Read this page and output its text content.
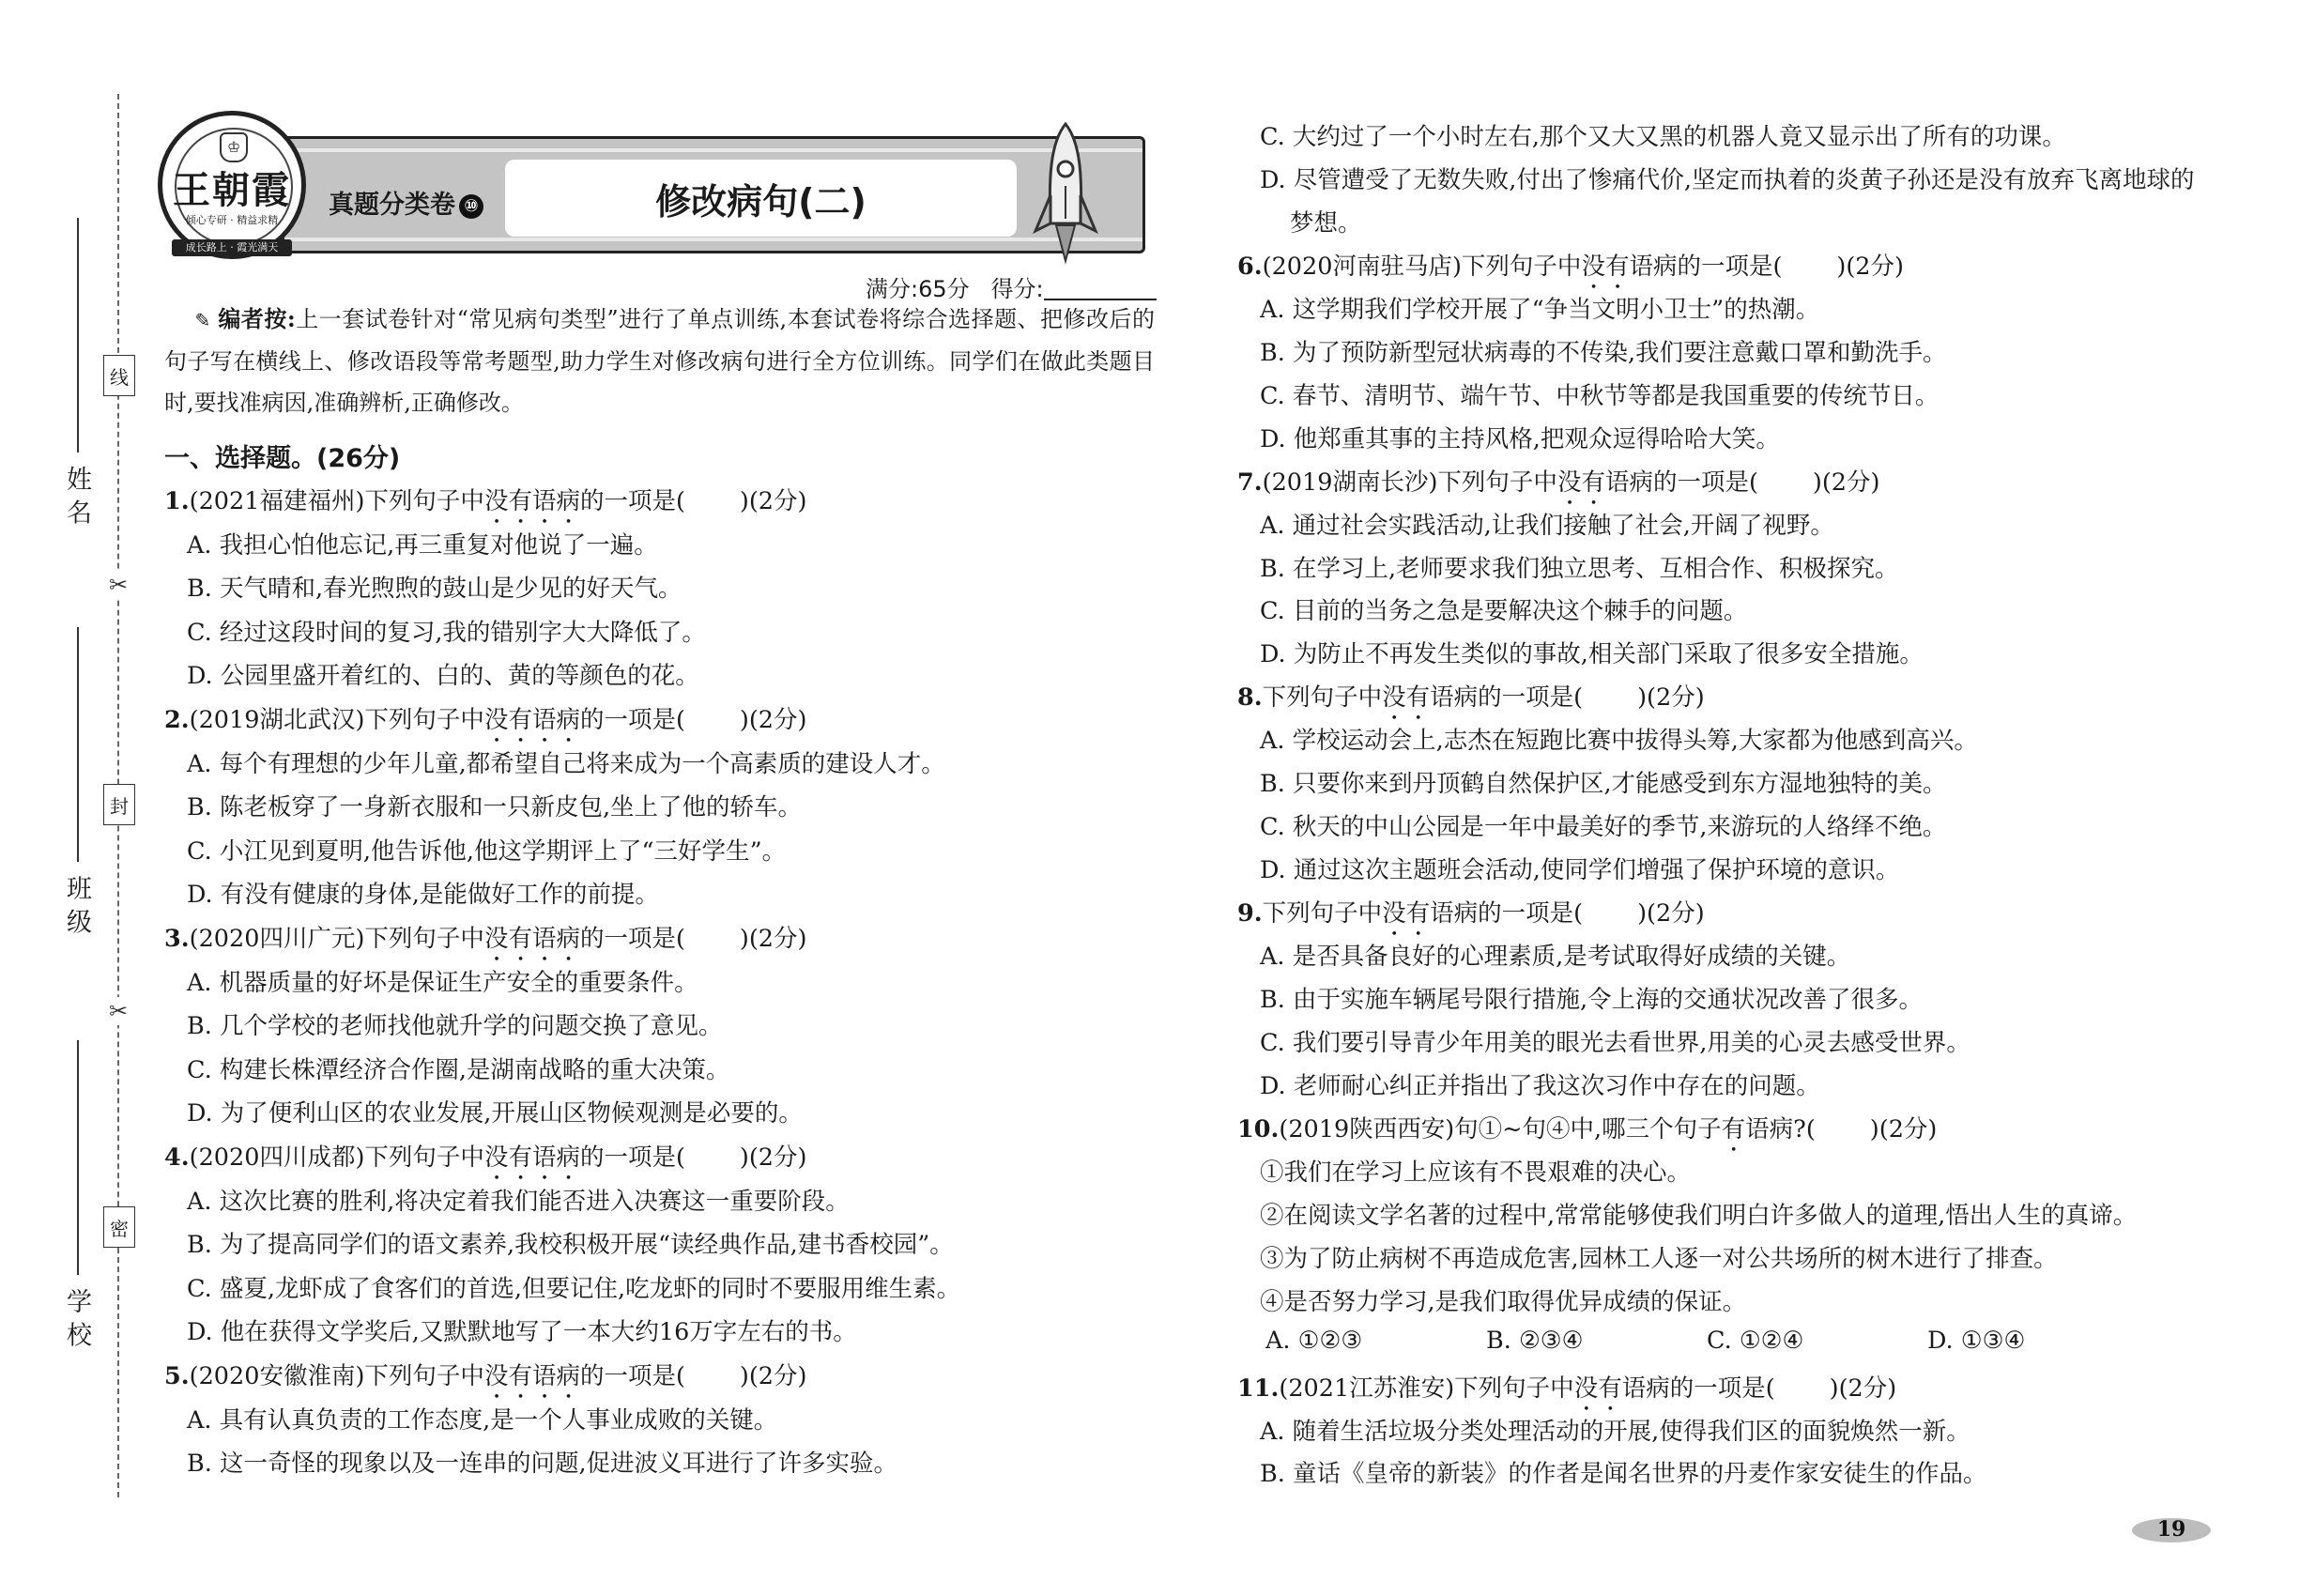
姓 名
班 级
学 校
线
✂
封
✂
密
真题分类卷 ⑩	修改病句(二)
♔
王朝霞
倾心专研 · 精益求精
成长路上 · 霞光满天
满分:65分 得分:
✎ 编者按:上一套试卷针对“常见病句类型”进行了单点训练,本套试卷将综合选择题、把修改后的句子写在横线上、修改语段等常考题型,助力学生对修改病句进行全方位训练。同学们在做此类题目时,要找准病因,准确辨析,正确修改。
一、选择题。(26分)
1.(2021福建福州)下列句子中没有语病的一项是( )(2分)
A. 我担心怕他忘记,再三重复对他说了一遍。
B. 天气晴和,春光煦煦的鼓山是少见的好天气。
C. 经过这段时间的复习,我的错别字大大降低了。
D. 公园里盛开着红的、白的、黄的等颜色的花。
2.(2019湖北武汉)下列句子中没有语病的一项是( )(2分)
A. 每个有理想的少年儿童,都希望自己将来成为一个高素质的建设人才。
B. 陈老板穿了一身新衣服和一只新皮包,坐上了他的轿车。
C. 小江见到夏明,他告诉他,他这学期评上了“三好学生”。
D. 有没有健康的身体,是能做好工作的前提。
3.(2020四川广元)下列句子中没有语病的一项是( )(2分)
A. 机器质量的好坏是保证生产安全的重要条件。
B. 几个学校的老师找他就升学的问题交换了意见。
C. 构建长株潭经济合作圈,是湖南战略的重大决策。
D. 为了便利山区的农业发展,开展山区物候观测是必要的。
4.(2020四川成都)下列句子中没有语病的一项是( )(2分)
A. 这次比赛的胜利,将决定着我们能否进入决赛这一重要阶段。
B. 为了提高同学们的语文素养,我校积极开展“读经典作品,建书香校园”。
C. 盛夏,龙虾成了食客们的首选,但要记住,吃龙虾的同时不要服用维生素。
D. 他在获得文学奖后,又默默地写了一本大约16万字左右的书。
5.(2020安徽淮南)下列句子中没有语病的一项是( )(2分)
A. 具有认真负责的工作态度,是一个人事业成败的关键。
B. 这一奇怪的现象以及一连串的问题,促进波义耳进行了许多实验。
C. 大约过了一个小时左右,那个又大又黑的机器人竟又显示出了所有的功课。
D. 尽管遭受了无数失败,付出了惨痛代价,坚定而执着的炎黄子孙还是没有放弃飞离地球的
梦想。
6.(2020河南驻马店)下列句子中没有语病的一项是( )(2分)
A. 这学期我们学校开展了“争当文明小卫士”的热潮。
B. 为了预防新型冠状病毒的不传染,我们要注意戴口罩和勤洗手。
C. 春节、清明节、端午节、中秋节等都是我国重要的传统节日。
D. 他郑重其事的主持风格,把观众逗得哈哈大笑。
7.(2019湖南长沙)下列句子中没有语病的一项是( )(2分)
A. 通过社会实践活动,让我们接触了社会,开阔了视野。
B. 在学习上,老师要求我们独立思考、互相合作、积极探究。
C. 目前的当务之急是要解决这个棘手的问题。
D. 为防止不再发生类似的事故,相关部门采取了很多安全措施。
8.下列句子中没有语病的一项是( )(2分)
A. 学校运动会上,志杰在短跑比赛中拔得头筹,大家都为他感到高兴。
B. 只要你来到丹顶鹤自然保护区,才能感受到东方湿地独特的美。
C. 秋天的中山公园是一年中最美好的季节,来游玩的人络绎不绝。
D. 通过这次主题班会活动,使同学们增强了保护环境的意识。
9.下列句子中没有语病的一项是( )(2分)
A. 是否具备良好的心理素质,是考试取得好成绩的关键。
B. 由于实施车辆尾号限行措施,令上海的交通状况改善了很多。
C. 我们要引导青少年用美的眼光去看世界,用美的心灵去感受世界。
D. 老师耐心纠正并指出了我这次习作中存在的问题。
10.(2019陕西西安)句①~句④中,哪三个句子有语病?( )(2分)
①我们在学习上应该有不畏艰难的决心。
②在阅读文学名著的过程中,常常能够使我们明白许多做人的道理,悟出人生的真谛。
③为了防止病树不再造成危害,园林工人逐一对公共场所的树木进行了排查。
④是否努力学习,是我们取得优异成绩的保证。
A. ①②③	B. ②③④	C. ①②④	D. ①③④
11.(2021江苏淮安)下列句子中没有语病的一项是( )(2分)
A. 随着生活垃圾分类处理活动的开展,使得我们区的面貌焕然一新。
B. 童话《皇帝的新装》的作者是闻名世界的丹麦作家安徒生的作品。
19
